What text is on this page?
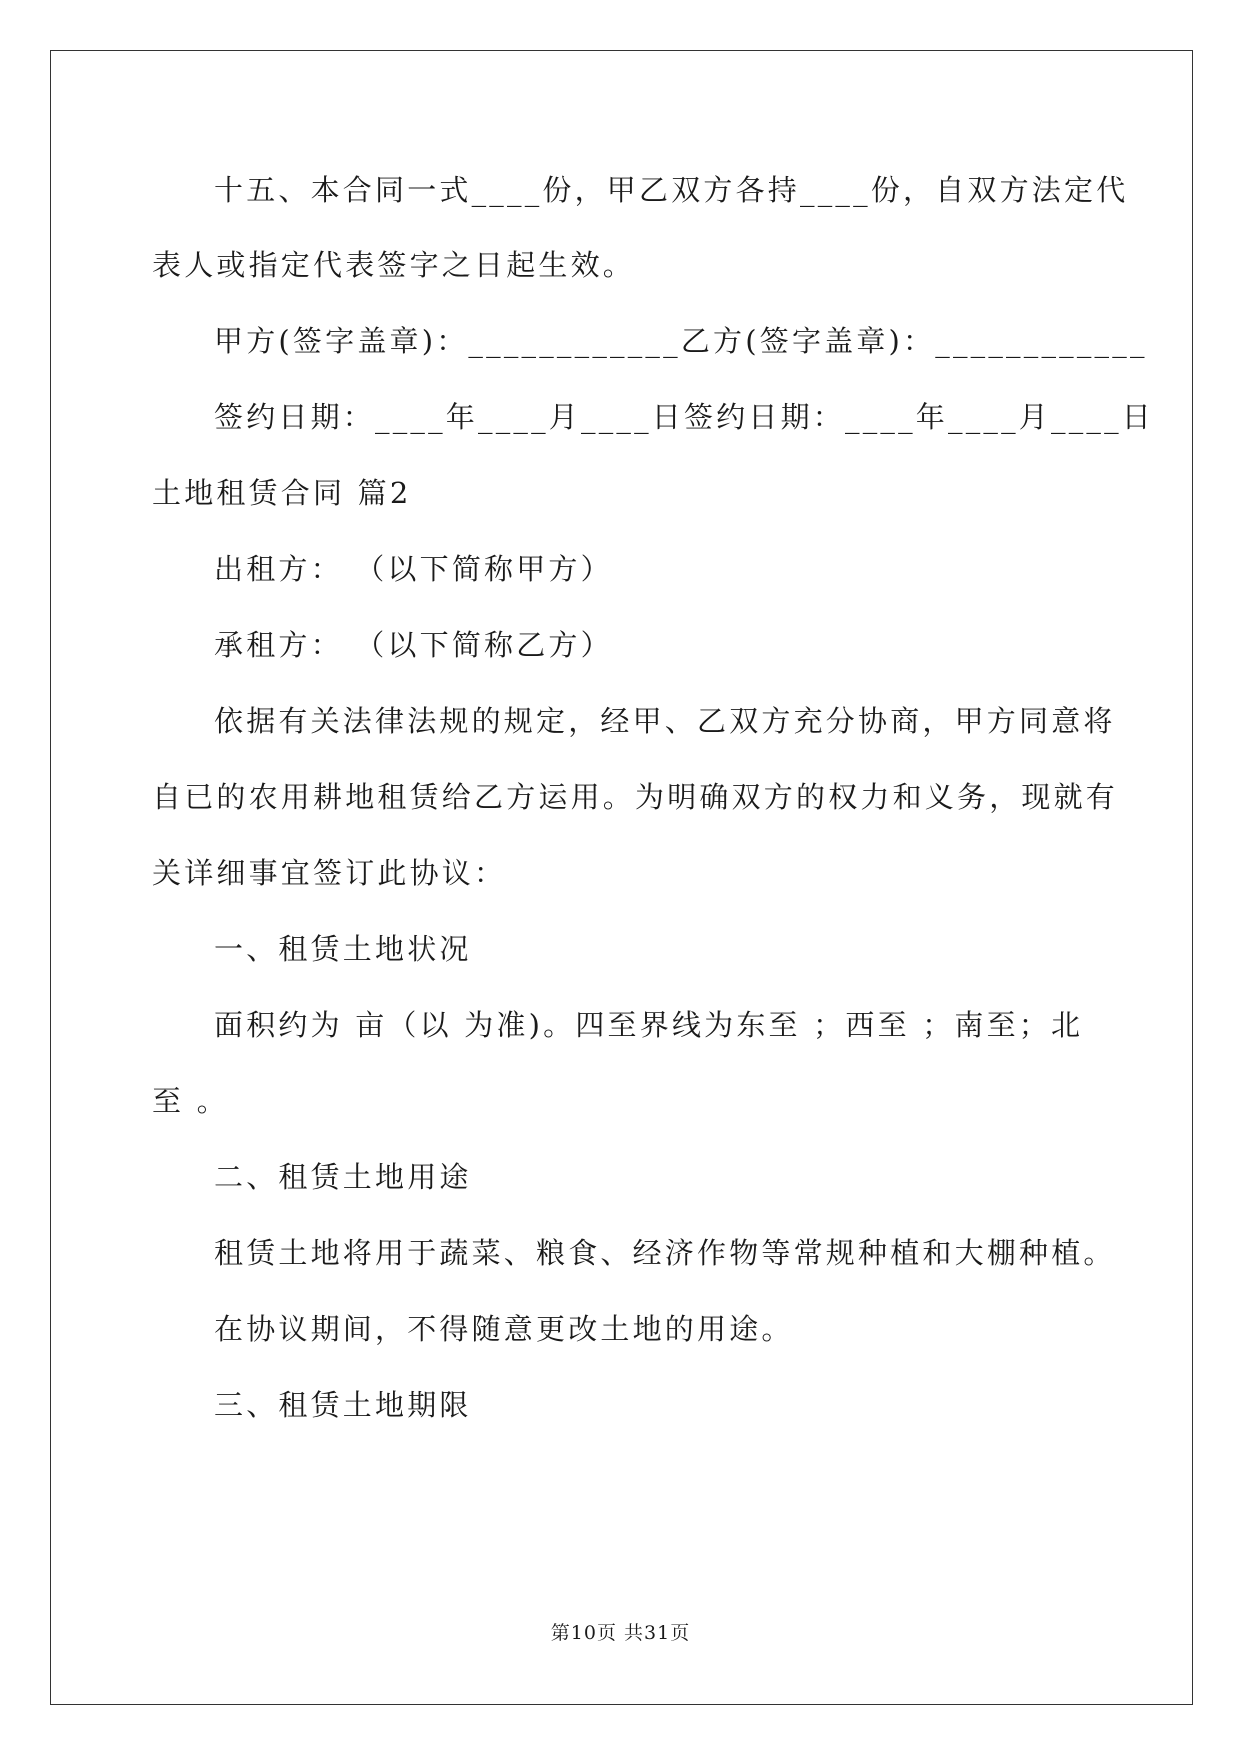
十五、本合同一式____份，甲乙双方各持____份，自双方法定代
表人或指定代表签字之日起生效。
甲方(签字盖章)：____________乙方(签字盖章)：____________
签约日期：____年____月____日签约日期：____年____月____日
土地租赁合同 篇2
出租方： （以下简称甲方）
承租方： （以下简称乙方）
依据有关法律法规的规定，经甲、乙双方充分协商，甲方同意将
自已的农用耕地租赁给乙方运用。为明确双方的权力和义务，现就有
关详细事宜签订此协议：
一、租赁土地状况
面积约为 亩（以 为准)。四至界线为东至 ；西至 ；南至；北
至 。
二、租赁土地用途
租赁土地将用于蔬菜、粮食、经济作物等常规种植和大棚种植。
在协议期间，不得随意更改土地的用途。
三、租赁土地期限
第10页 共31页
